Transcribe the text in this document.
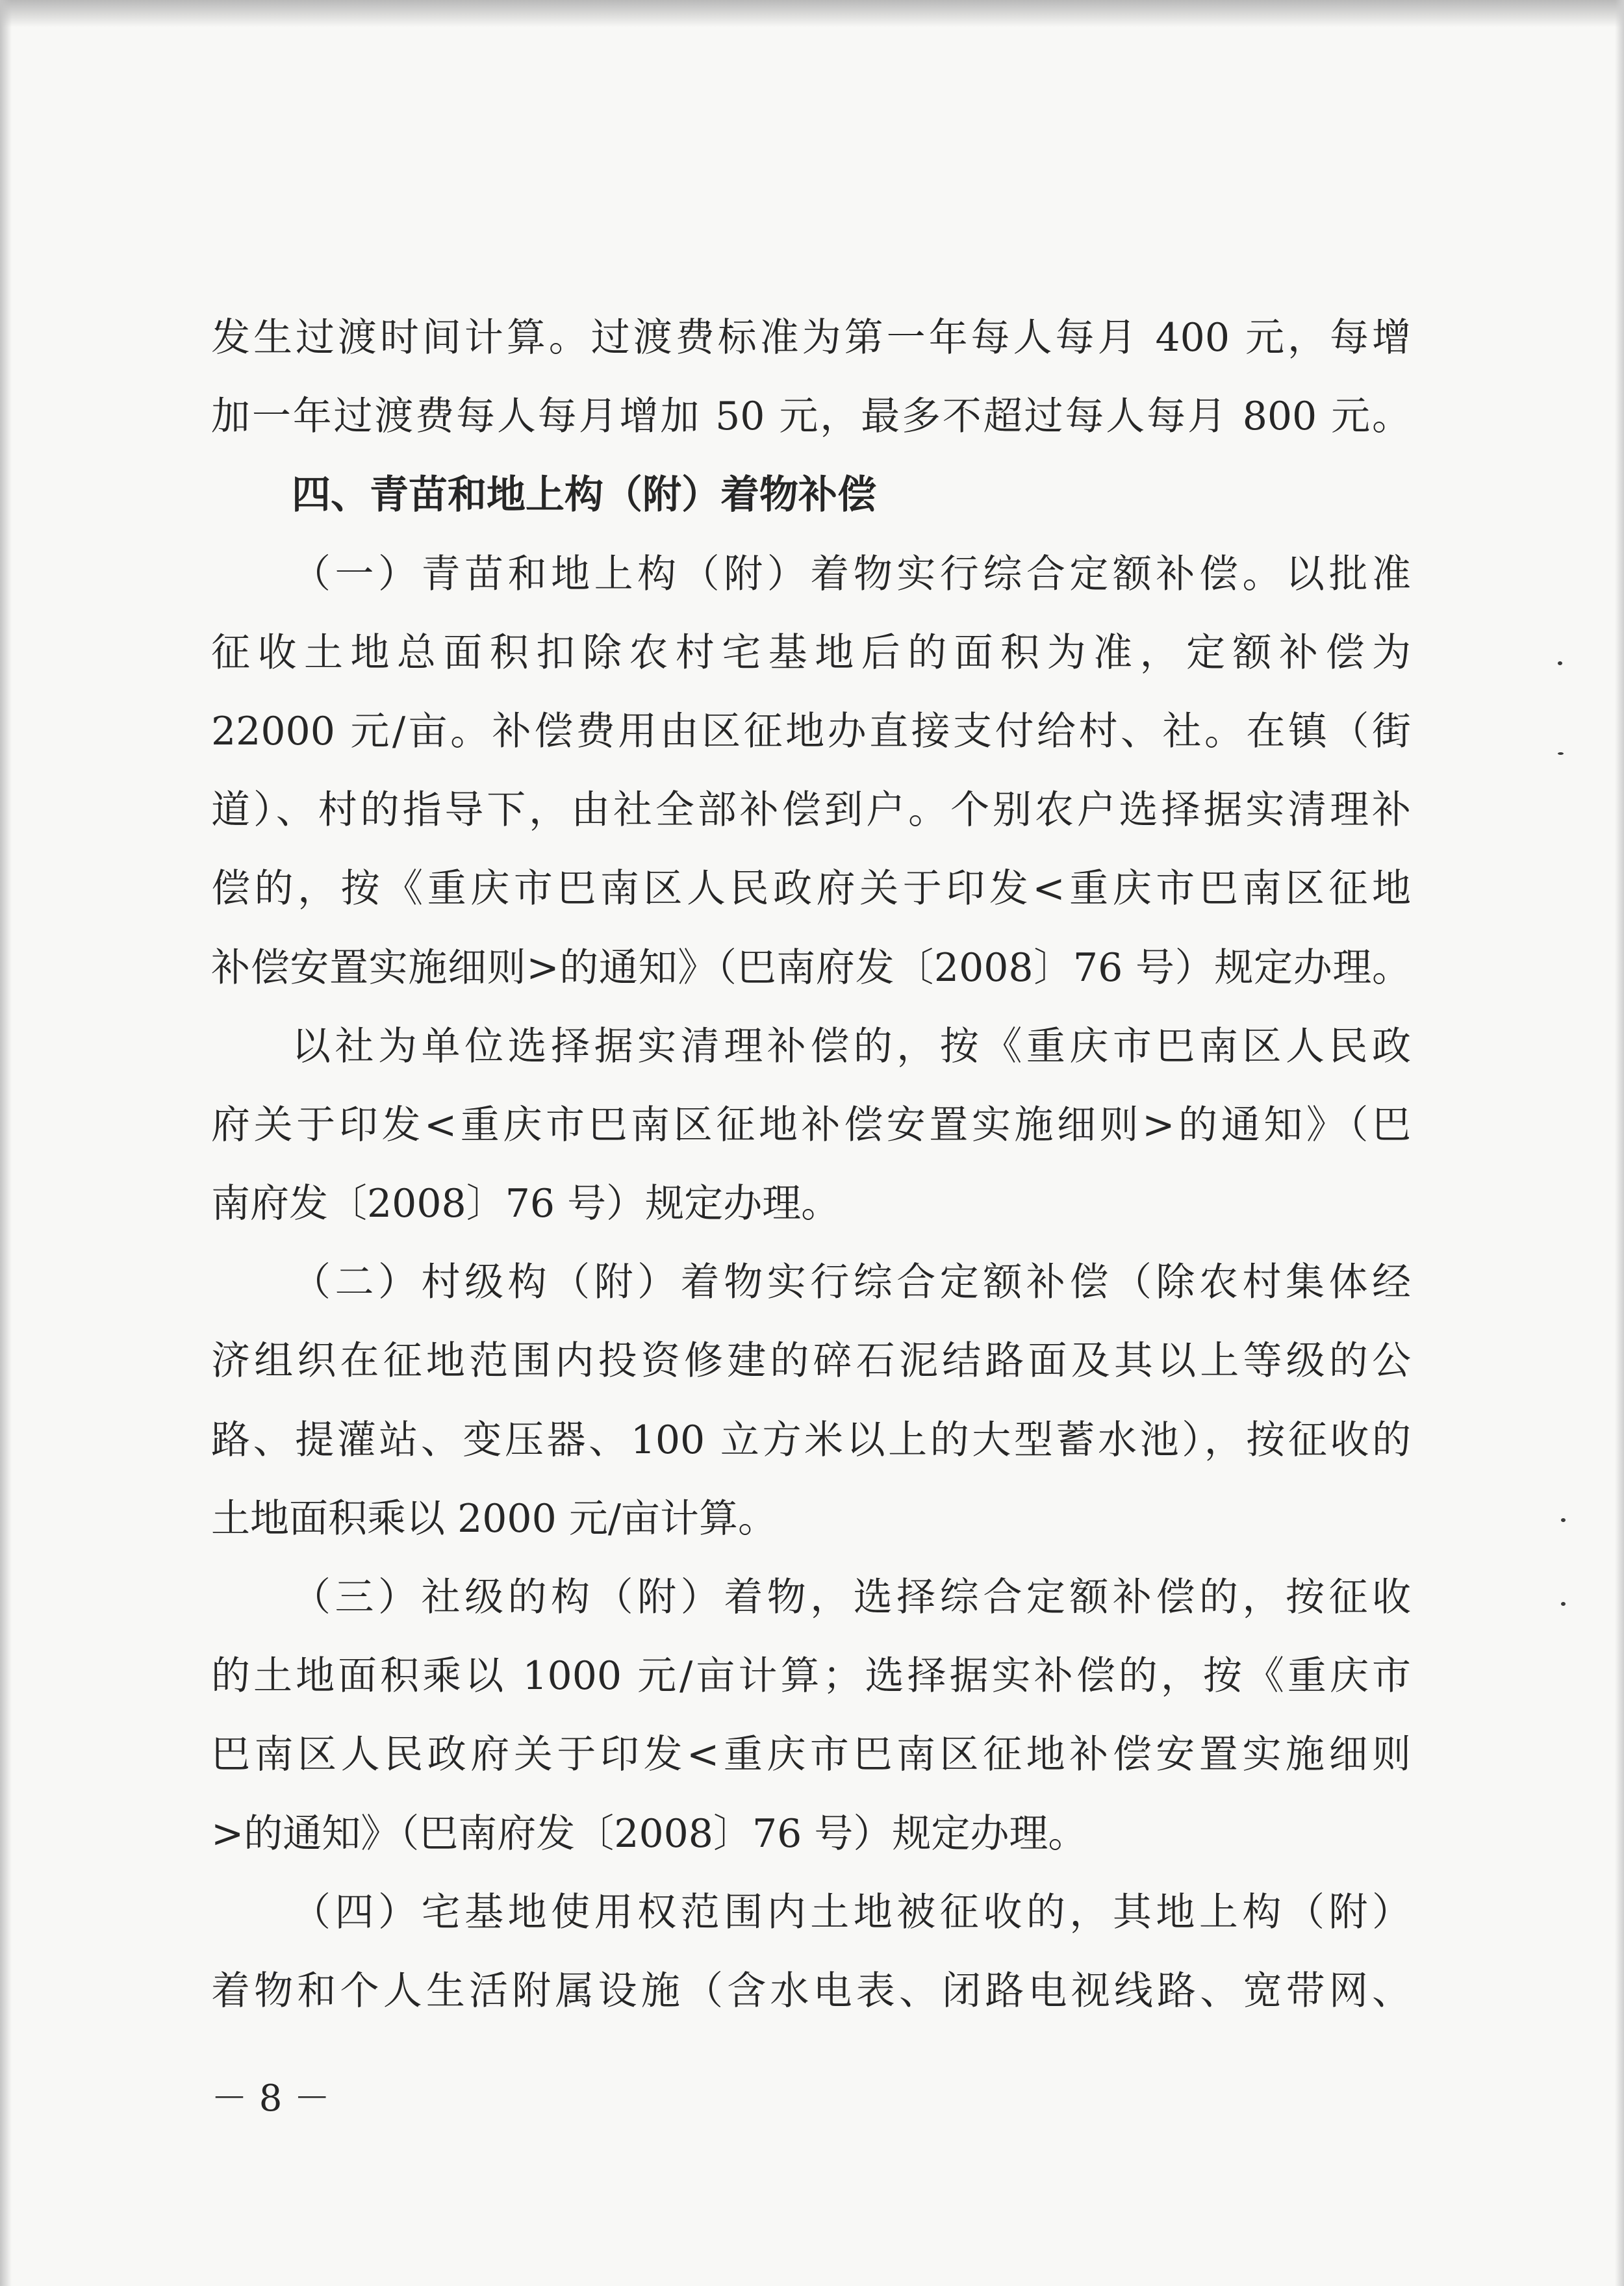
发生过渡时间计算。过渡费标准为第一年每人每月 400 元，每增
加一年过渡费每人每月增加 50 元，最多不超过每人每月 800 元。
四、青苗和地上构（附）着物补偿
（一）青苗和地上构（附）着物实行综合定额补偿。以批准
征收土地总面积扣除农村宅基地后的面积为准，定额补偿为
22000 元/亩。补偿费用由区征地办直接支付给村、社。在镇（街
道）、村的指导下，由社全部补偿到户。个别农户选择据实清理补
偿的，按《重庆市巴南区人民政府关于印发<重庆市巴南区征地
补偿安置实施细则>的通知》（巴南府发〔2008〕76 号）规定办理。
以社为单位选择据实清理补偿的，按《重庆市巴南区人民政
府关于印发<重庆市巴南区征地补偿安置实施细则>的通知》（巴
南府发〔2008〕76 号）规定办理。
（二）村级构（附）着物实行综合定额补偿（除农村集体经
济组织在征地范围内投资修建的碎石泥结路面及其以上等级的公
路、提灌站、变压器、100 立方米以上的大型蓄水池），按征收的
土地面积乘以 2000 元/亩计算。
（三）社级的构（附）着物，选择综合定额补偿的，按征收
的土地面积乘以 1000 元/亩计算；选择据实补偿的，按《重庆市
巴南区人民政府关于印发<重庆市巴南区征地补偿安置实施细则
>的通知》（巴南府发〔2008〕76 号）规定办理。
（四）宅基地使用权范围内土地被征收的，其地上构（附）
着物和个人生活附属设施（含水电表、闭路电视线路、宽带网、
－ 8 －
